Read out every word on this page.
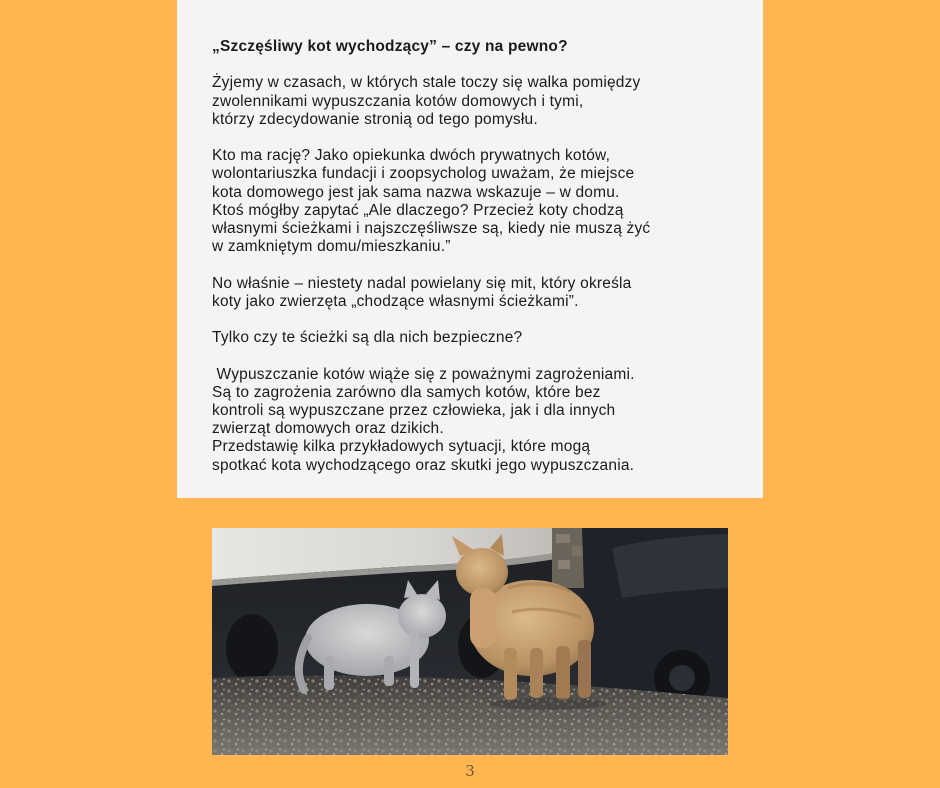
„Szczęśliwy kot wychodzący” – czy na pewno?

Żyjemy w czasach, w których stale toczy się walka pomiędzy
zwolennikami wypuszczania kotów domowych i tymi,
którzy zdecydowanie stronią od tego pomysłu.

Kto ma rację? Jako opiekunka dwóch prywatnych kotów,
wolontariuszka fundacji i zoopsycholog uważam, że miejsce
kota domowego jest jak sama nazwa wskazuje – w domu.
Ktoś mógłby zapytać „Ale dlaczego? Przecież koty chodzą
własnymi ścieżkami i najszczęśliwsze są, kiedy nie muszą żyć
w zamkniętym domu/mieszkaniu.”

No właśnie – niestety nadal powielany się mit, który określa
koty jako zwierzęta „chodzące własnymi ścieżkami”.

Tylko czy te ścieżki są dla nich bezpieczne?

Wypuszczanie kotów wiąże się z poważnymi zagrożeniami.
Są to zagrożenia zarówno dla samych kotów, które bez
kontroli są wypuszczane przez człowieka, jak i dla innych
zwierząt domowych oraz dzikich.
Przedstawię kilka przykładowych sytuacji, które mogą
spotkać kota wychodzącego oraz skutki jego wypuszczania.

3
